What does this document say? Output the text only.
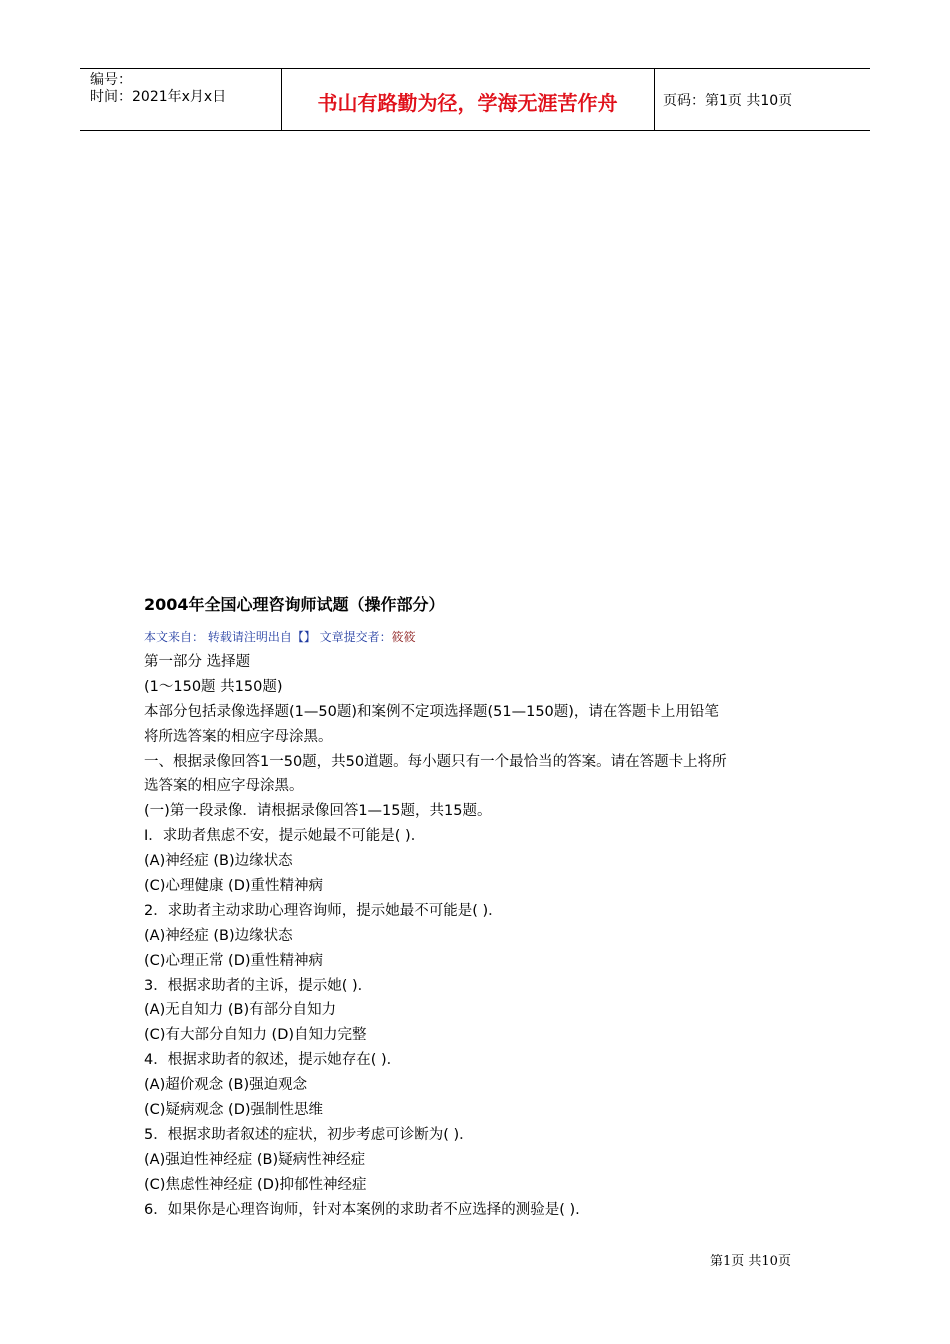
编号：
时间：2021年x月x日	书山有路勤为径，学海无涯苦作舟	页码：第1页 共10页
2004年全国心理咨询师试题（操作部分）
本文来自： 转载请注明出自【】 文章提交者：筱筱
第一部分 选择题
(1～150题 共150题)
本部分包括录像选择题(1—50题)和案例不定项选择题(51—150题)，请在答题卡上用铅笔
将所选答案的相应字母涂黑。
一、根据录像回答1一50题，共50道题。每小题只有一个最恰当的答案。请在答题卡上将所
选答案的相应字母涂黑。
(一)第一段录像．请根据录像回答1—15题，共15题。
I．求助者焦虑不安，提示她最不可能是( )．
(A)神经症 (B)边缘状态
(C)心理健康 (D)重性精神病
2．求助者主动求助心理咨询师，提示她最不可能是( )．
(A)神经症 (B)边缘状态
(C)心理正常 (D)重性精神病
3．根据求助者的主诉，提示她( )．
(A)无自知力 (B)有部分自知力
(C)有大部分自知力 (D)自知力完整
4．根据求助者的叙述，提示她存在( )．
(A)超价观念 (B)强迫观念
(C)疑病观念 (D)强制性思维
5．根据求助者叙述的症状，初步考虑可诊断为( )．
(A)强迫性神经症 (B)疑病性神经症
(C)焦虑性神经症 (D)抑郁性神经症
6．如果你是心理咨询师，针对本案例的求助者不应选择的测验是( ).
第1页 共10页
